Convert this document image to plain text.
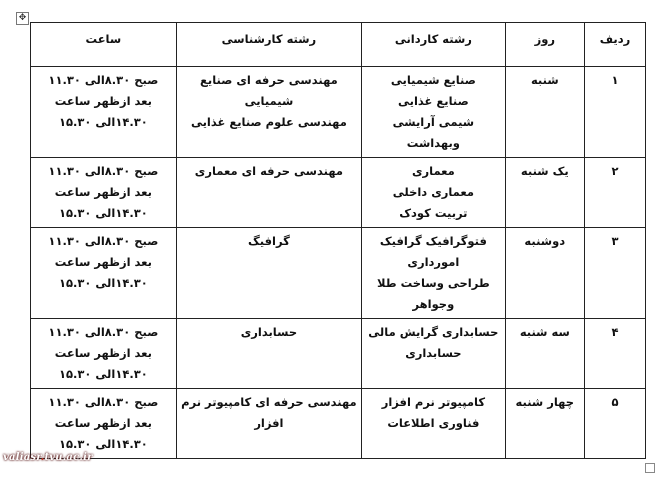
✥
ردیف	روز	رشته کاردانی	رشته کارشناسی	ساعت
۱	شنبه	صنایع شیمیایی
صنایع غذایی
شیمی آرایشی
وبهداشت	مهندسی حرفه ای صنایع
شیمیایی
مهندسی علوم صنایع غذایی	صبح ۸.۳۰الی ۱۱.۳۰
بعد ازظهر ساعت
۱۴.۳۰الی ۱۵.۳۰

۲	یک شنبه	معماری
معماری داخلی
تربیت کودک	مهندسی حرفه ای معماری	صبح ۸.۳۰الی ۱۱.۳۰
بعد ازظهر ساعت
۱۴.۳۰الی ۱۵.۳۰

۳	دوشنبه	فتوگرافیک گرافیک
امورداری
طراحی وساخت طلا
وجواهر	گرافیگ	صبح ۸.۳۰الی ۱۱.۳۰
بعد ازظهر ساعت
۱۴.۳۰الی ۱۵.۳۰

۴	سه شنبه	حسابداری گرایش مالی
حسابداری	حسابداری	صبح ۸.۳۰الی ۱۱.۳۰
بعد ازظهر ساعت
۱۴.۳۰الی ۱۵.۳۰

۵	چهار شنبه	کامپیوتر نرم افزار
فناوری اطلاعات	مهندسی حرفه ای کامپیوتر نرم
افزار	صبح ۸.۳۰الی ۱۱.۳۰
بعد ازظهر ساعت
۱۴.۳۰الی ۱۵.۳۰
valiasr.tvu.ac.ir
